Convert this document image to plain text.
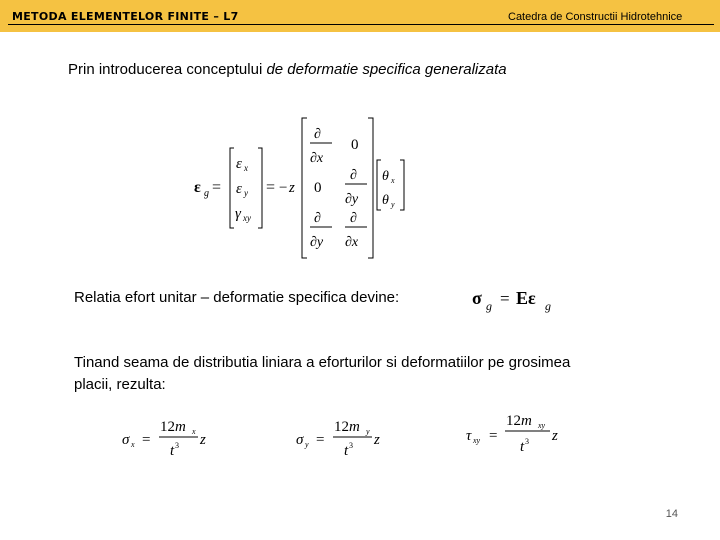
METODA ELEMENTELOR FINITE – L7	Catedra de Constructii Hidrotehnice
Prin introducerea conceptului de deformatie specifica generalizata
ε g =
ε x
ε y
γ xy
= − z
∂
∂x
0
0
∂
∂y
∂
∂y
∂
∂x
θ x
θ y
Relatia efort unitar – deformatie specifica devine:	σ g = Eε g
Tinand seama de distributia liniara a eforturilor si deformatiilor pe grosimea
placii, rezulta:
σ x =
12m x
t 3 z	σ y =
12m y
t 3 z	τ xy =
12m xy
t 3 z
14
